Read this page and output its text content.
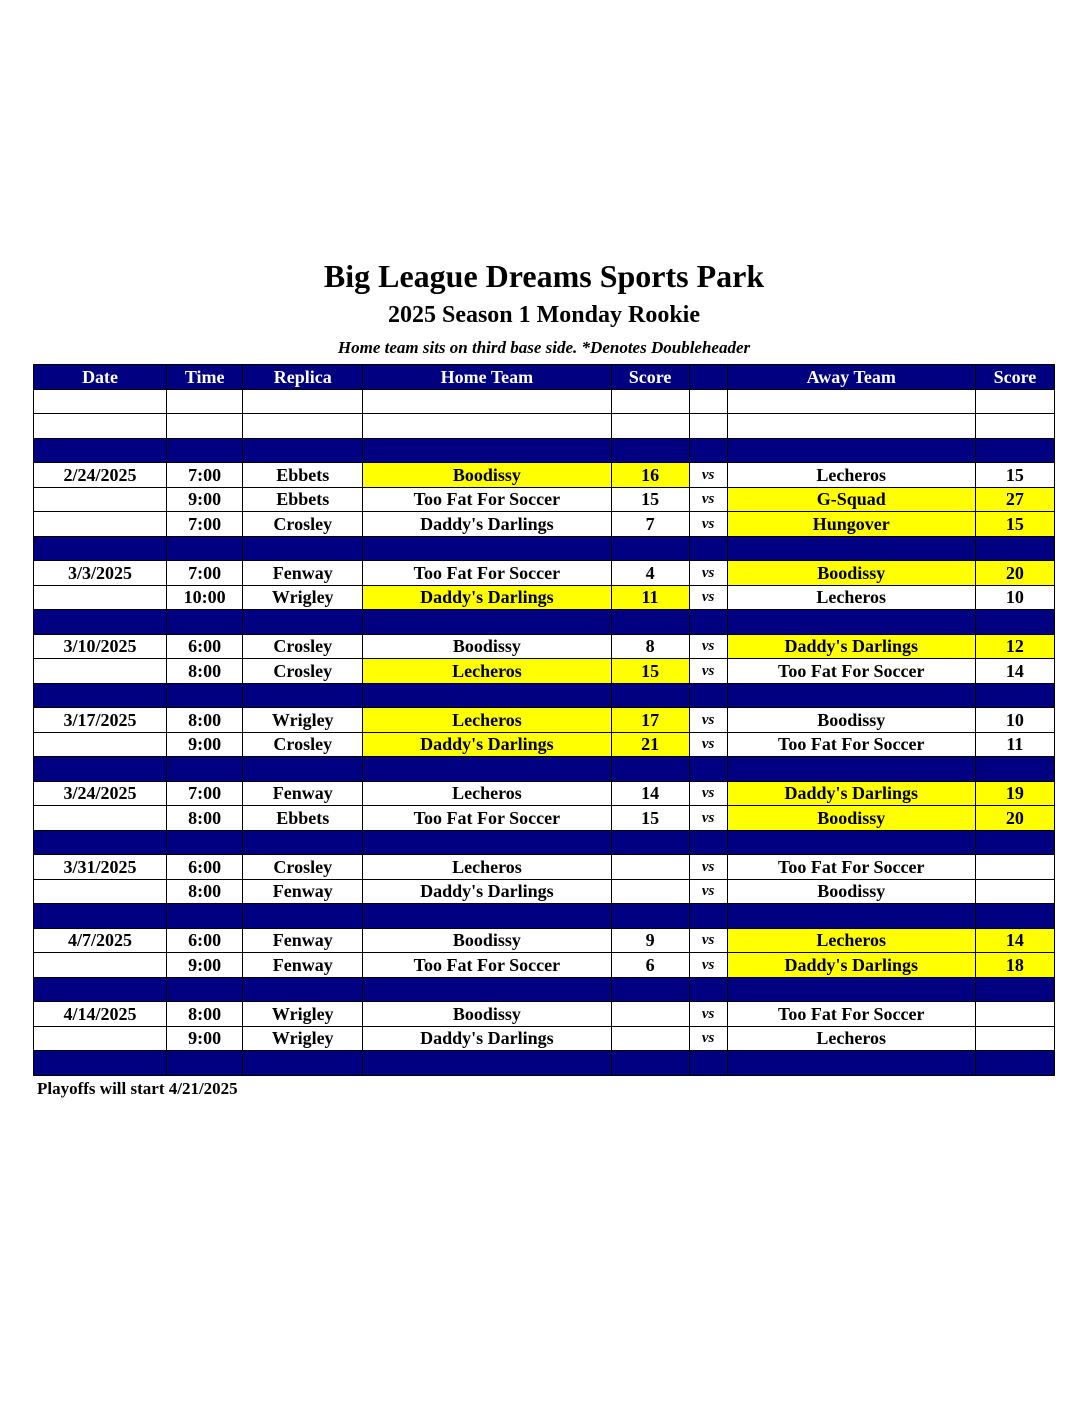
Big League Dreams Sports Park
2025 Season 1 Monday Rookie
Home team sits on third base side. *Denotes Doubleheader
Date	Time	Replica	Home Team	Score		Away Team	Score

2/24/2025	7:00	Ebbets	Boodissy	16	vs	Lecheros	15
	9:00	Ebbets	Too Fat For Soccer	15	vs	G-Squad	27
	7:00	Crosley	Daddy's Darlings	7	vs	Hungover	15

3/3/2025	7:00	Fenway	Too Fat For Soccer	4	vs	Boodissy	20
	10:00	Wrigley	Daddy's Darlings	11	vs	Lecheros	10

3/10/2025	6:00	Crosley	Boodissy	8	vs	Daddy's Darlings	12
	8:00	Crosley	Lecheros	15	vs	Too Fat For Soccer	14

3/17/2025	8:00	Wrigley	Lecheros	17	vs	Boodissy	10
	9:00	Crosley	Daddy's Darlings	21	vs	Too Fat For Soccer	11

3/24/2025	7:00	Fenway	Lecheros	14	vs	Daddy's Darlings	19
	8:00	Ebbets	Too Fat For Soccer	15	vs	Boodissy	20

3/31/2025	6:00	Crosley	Lecheros		vs	Too Fat For Soccer	
	8:00	Fenway	Daddy's Darlings		vs	Boodissy	

4/7/2025	6:00	Fenway	Boodissy	9	vs	Lecheros	14
	9:00	Fenway	Too Fat For Soccer	6	vs	Daddy's Darlings	18

4/14/2025	8:00	Wrigley	Boodissy		vs	Too Fat For Soccer	
	9:00	Wrigley	Daddy's Darlings		vs	Lecheros	

Playoffs will start 4/21/2025
